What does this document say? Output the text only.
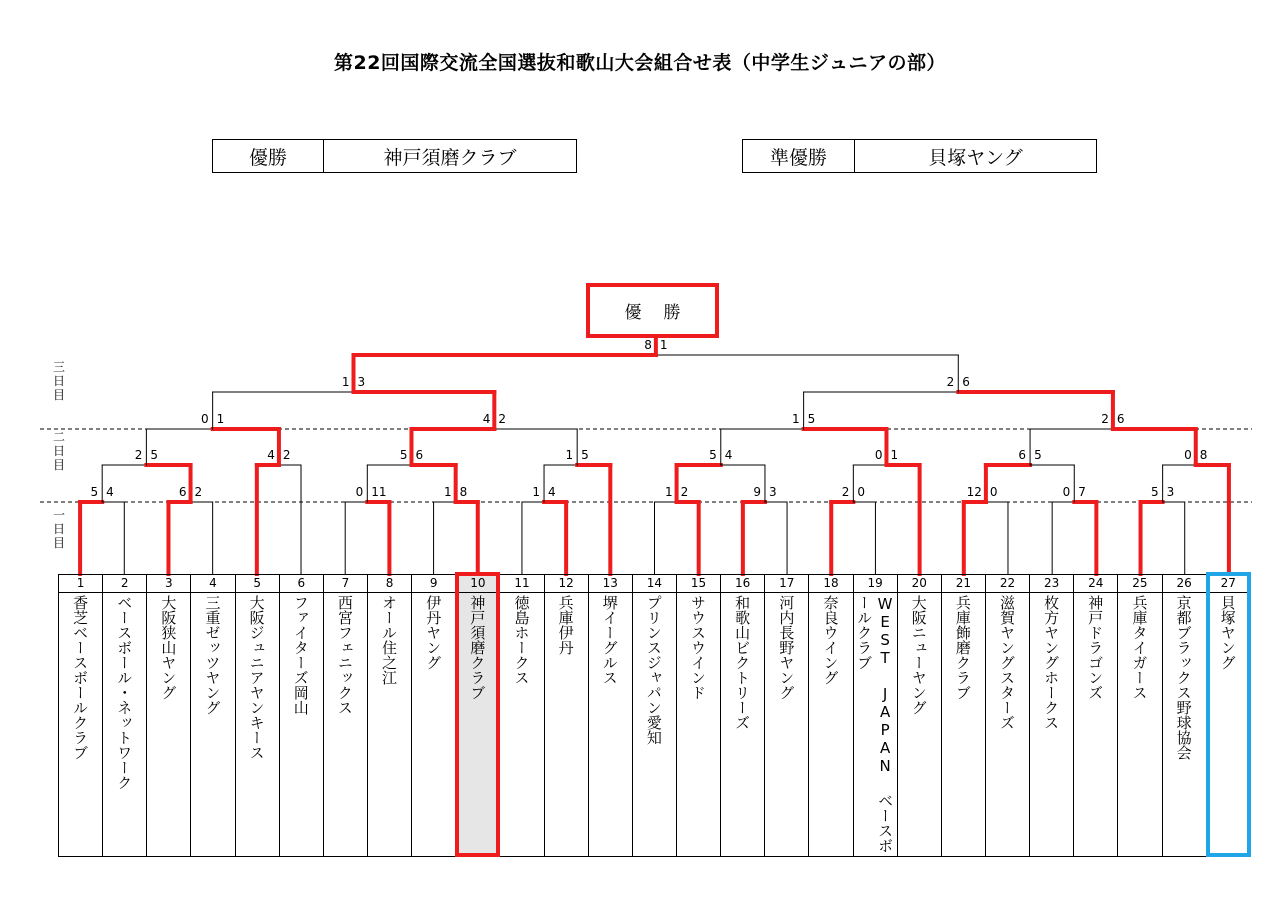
第22回国際交流全国選抜和歌山大会組合せ表（中学生ジュニアの部）
優勝	神戸須磨クラブ	準優勝	貝塚ヤング
三日目
二日目
一日目
5 4	6 2	0 11	1 8	1 4	1 2	9 3	2 0	12 0	0 7	5 3
2 5	4 2	5 6	1 5	5 4	0 1	6 5	0 8
0 1	4 2	1 5	2 6
1 3	2 6
8 1
優勝
1
香芝ベースボールクラブ
2
ベースボール・ネットワーク
3
大阪狭山ヤング
4
三重ゼッツヤング
5
大阪ジュニアヤンキース
6
ファイターズ岡山
7
西宮フェニックス
8
オール住之江
9
伊丹ヤング
10
神戸須磨クラブ
11
徳島ホークス
12
兵庫伊丹
13
堺イーグルス
14
プリンスジャパン愛知
15
サウスウインド
16
和歌山ビクトリーズ
17
河内長野ヤング
18
奈良ウイング
19
WEST JAPAN ベースボールクラブ
20
大阪ニューヤング
21
兵庫飾磨クラブ
22
滋賀ヤングスターズ
23
枚方ヤングホークス
24
神戸ドラゴンズ
25
兵庫タイガース
26
京都ブラックス野球協会
27
貝塚ヤング
